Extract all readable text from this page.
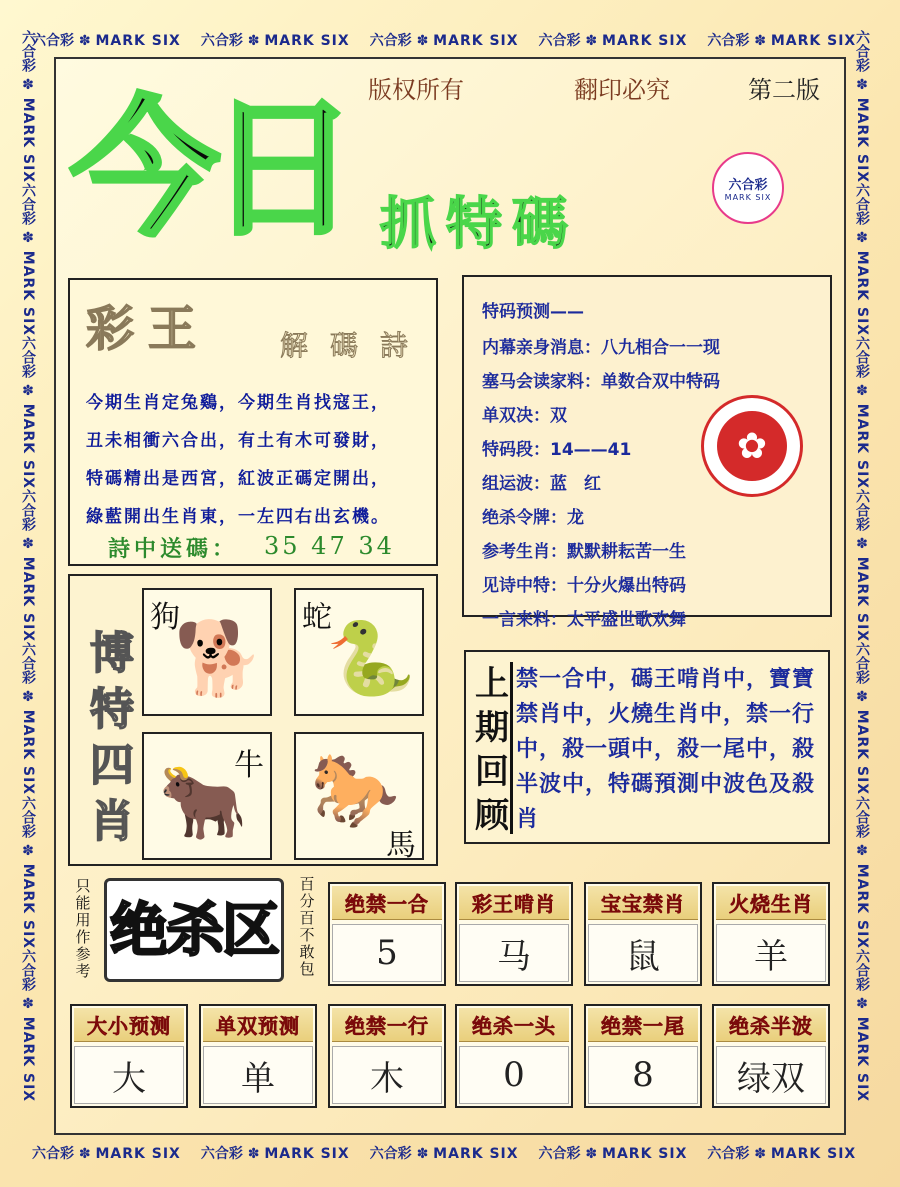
六合彩 ✽ MARK SIX 六合彩 ✽ MARK SIX 六合彩 ✽ MARK SIX 六合彩 ✽ MARK SIX 六合彩 ✽ MARK SIX
六合彩 ✽ MARK SIX 六合彩 ✽ MARK SIX 六合彩 ✽ MARK SIX 六合彩 ✽ MARK SIX 六合彩 ✽ MARK SIX
六合彩 ✽ MARK SIX六合彩 ✽ MARK SIX六合彩 ✽ MARK SIX六合彩 ✽ MARK SIX六合彩 ✽ MARK SIX六合彩 ✽ MARK SIX六合彩 ✽ MARK SIX
六合彩 ✽ MARK SIX六合彩 ✽ MARK SIX六合彩 ✽ MARK SIX六合彩 ✽ MARK SIX六合彩 ✽ MARK SIX六合彩 ✽ MARK SIX六合彩 ✽ MARK SIX
版权所有	翻印必究	第二版
今日 抓特碼
六合彩
MARK SIX
彩王 解碼詩
今期生肖定兔鷄，今期生肖找寇王，
丑未相衝六合出，有土有木可發財，
特碼精出是西宮，紅波正碼定開出，
綠藍開出生肖東，一左四右出玄機。
詩中送碼： 35 47 34
特码预测——
内幕亲身消息：八九相合一一现
塞马会读家料：单数合双中特码
单双决：双
特码段：14——41
组运波：蓝　红
绝杀令牌：龙
参考生肖：默默耕耘苦一生
见诗中特：十分火爆出特码
一言来料：太平盛世歌欢舞
✿
博
特
四
肖
狗
🐕 蛇
🐍
牛
🐂
馬
🐎
上
期
回
顾
禁一合中，碼王啃肖中，寶寶禁肖中，火燒生肖中，禁一行中，殺一頭中，殺一尾中，殺半波中，特碼預測中波色及殺肖
只
能
用
作
参
考
绝杀区
百
分
百
不
敢
包
绝禁一合
5
彩王啃肖
马
宝宝禁肖
鼠
火烧生肖
羊
大小预测
大
单双预测
单
绝禁一行
木
绝杀一头
0
绝禁一尾
8
绝杀半波
绿双
